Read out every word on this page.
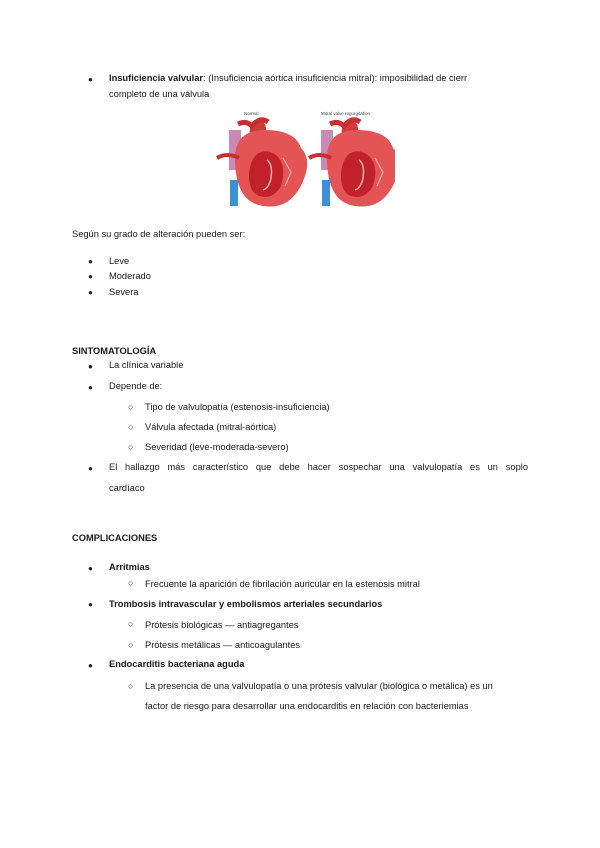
●
Insuficiencia valvular: (Insuficiencia aórtica insuficiencia mitral): imposibilidad de cierr
completo de una válvula
Normal	Mitral valve regurgitation
Según su grado de alteración pueden ser:
●
Leve
●
Moderado
●
Severa
SINTOMATOLOGÍA
●
La clínica variable
●
Depende de:
○
Tipo de valvulopatía (estenosis-insuficiencia)
○
Válvula afectada (mitral-aórtica)
○
Severidad (leve-moderada-severo)
●
El hallazgo más característico que debe hacer sospechar una valvulopatía es un soplo
cardíaco
COMPLICACIONES
●
Arritmias
○
Frecuente la aparición de fibrilación auricular en la estenosis mitral
●
Trombosis intravascular y embolismos arteriales secundarios
○
Prótesis biológicas — antiagregantes
○
Prótesis metálicas — anticoagulantes
●
Endocarditis bacteriana aguda
○
La presencia de una valvulopatía o una prótesis valvular (biológica o metálica) es un
factor de riesgo para desarrollar una endocarditis en relación con bacteriemias
